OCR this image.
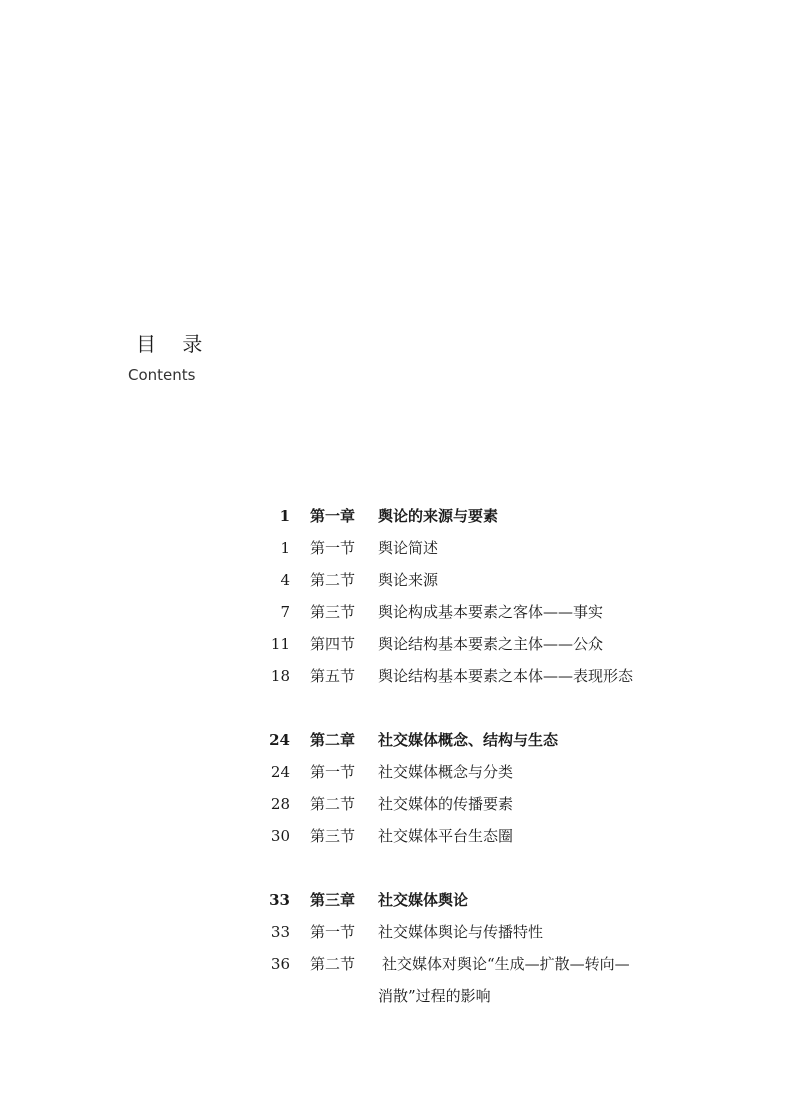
目 录
Contents
1 第一章 舆论的来源与要素
1 第一节 舆论简述
4 第二节 舆论来源
7 第三节 舆论构成基本要素之客体——事实
11 第四节 舆论结构基本要素之主体——公众
18 第五节 舆论结构基本要素之本体——表现形态
24 第二章 社交媒体概念、结构与生态
24 第一节 社交媒体概念与分类
28 第二节 社交媒体的传播要素
30 第三节 社交媒体平台生态圈
33 第三章 社交媒体舆论
33 第一节 社交媒体舆论与传播特性
36 第二节 社交媒体对舆论“生成—扩散—转向—
消散”过程的影响
